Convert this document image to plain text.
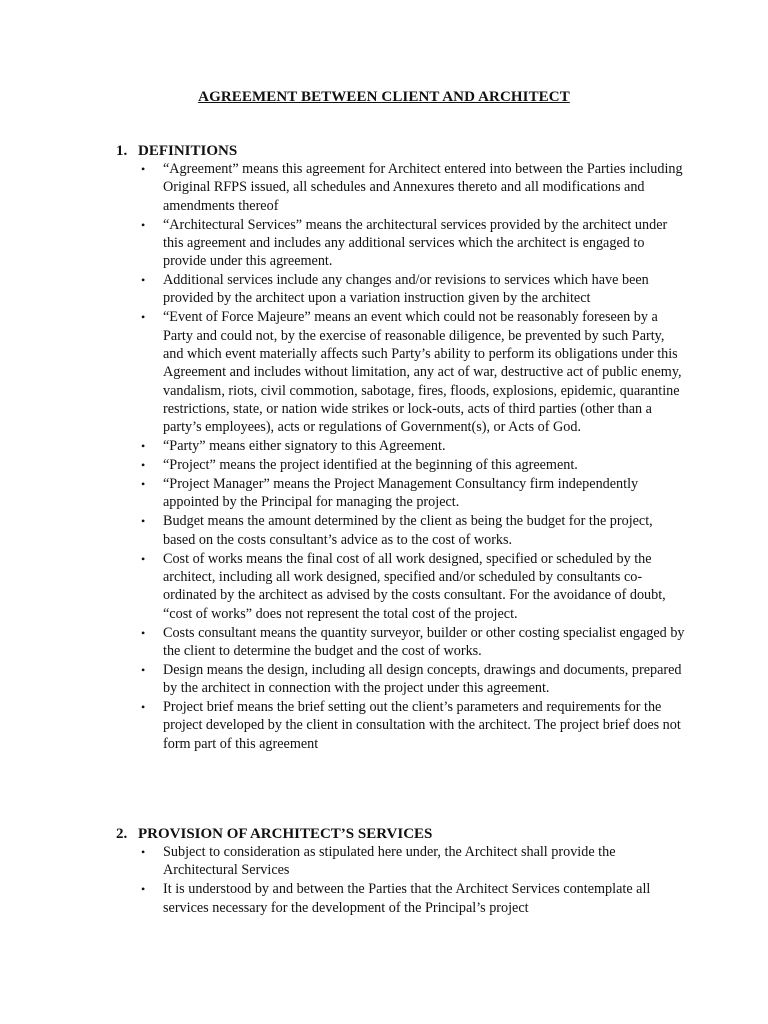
AGREEMENT BETWEEN CLIENT AND ARCHITECT
1. DEFINITIONS
• “Agreement” means this agreement for Architect entered into between the Parties including Original RFPS issued, all schedules and Annexures thereto and all modifications and amendments thereof
• “Architectural Services” means the architectural services provided by the architect under this agreement and includes any additional services which the architect is engaged to provide under this agreement.
• Additional services include any changes and/or revisions to services which have been provided by the architect upon a variation instruction given by the architect
• “Event of Force Majeure” means an event which could not be reasonably foreseen by a Party and could not, by the exercise of reasonable diligence, be prevented by such Party, and which event materially affects such Party’s ability to perform its obligations under this Agreement and includes without limitation, any act of war, destructive act of public enemy, vandalism, riots, civil commotion, sabotage, fires, floods, explosions, epidemic, quarantine restrictions, state, or nation wide strikes or lock-outs, acts of third parties (other than a party’s employees), acts or regulations of Government(s), or Acts of God.
• “Party” means either signatory to this Agreement.
• “Project” means the project identified at the beginning of this agreement.
• “Project Manager” means the Project Management Consultancy firm independently appointed by the Principal for managing the project.
• Budget means the amount determined by the client as being the budget for the project, based on the costs consultant’s advice as to the cost of works.
• Cost of works means the final cost of all work designed, specified or scheduled by the architect, including all work designed, specified and/or scheduled by consultants co-ordinated by the architect as advised by the costs consultant. For the avoidance of doubt, “cost of works” does not represent the total cost of the project.
• Costs consultant means the quantity surveyor, builder or other costing specialist engaged by the client to determine the budget and the cost of works.
• Design means the design, including all design concepts, drawings and documents, prepared by the architect in connection with the project under this agreement.
• Project brief means the brief setting out the client’s parameters and requirements for the project developed by the client in consultation with the architect. The project brief does not form part of this agreement
2. PROVISION OF ARCHITECT’S SERVICES
• Subject to consideration as stipulated here under, the Architect shall provide the Architectural Services
• It is understood by and between the Parties that the Architect Services contemplate all services necessary for the development of the Principal’s project
